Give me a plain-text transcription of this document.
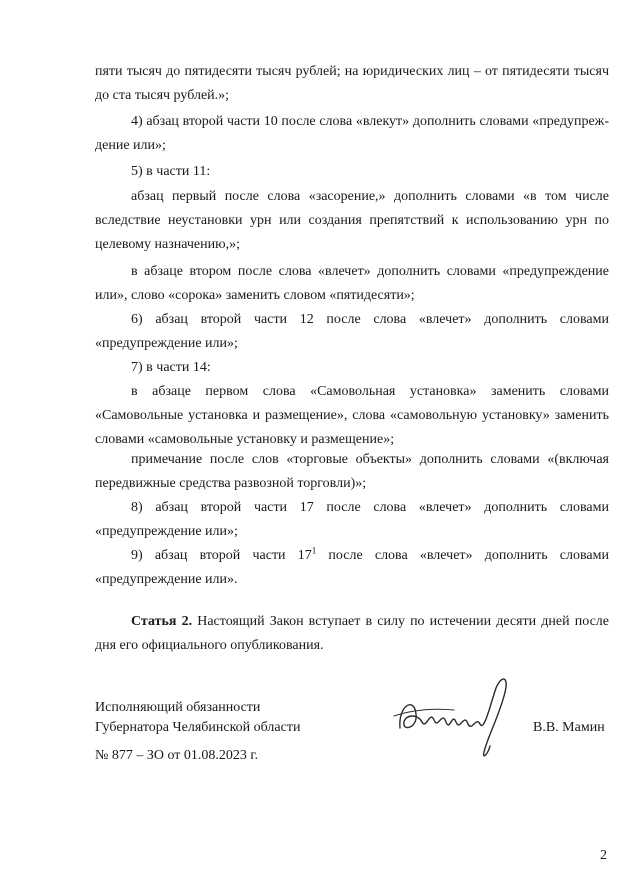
пяти тысяч до пятидесяти тысяч рублей; на юридических лиц – от пятидесяти тысяч до ста тысяч рублей.»;

4) абзац второй части 10 после слова «влекут» дополнить словами «предупреж-дение или»;

5) в части 11:

абзац первый после слова «засорение,» дополнить словами «в том числе вследствие неустановки урн или создания препятствий к использованию урн по целевому назначению,»;

в абзаце втором после слова «влечет» дополнить словами «предупреждение или», слово «сорока» заменить словом «пятидесяти»;

6) абзац второй части 12 после слова «влечет» дополнить словами «предупреждение или»;

7) в части 14:

в абзаце первом слова «Самовольная установка» заменить словами «Самовольные установка и размещение», слова «самовольную установку» заменить словами «самовольные установку и размещение»;

примечание после слов «торговые объекты» дополнить словами «(включая передвижные средства развозной торговли)»;

8) абзац второй части 17 после слова «влечет» дополнить словами «предупреждение или»;

9) абзац второй части $17^1$ после слова «влечет» дополнить словами «предупреждение или».

Статья 2. Настоящий Закон вступает в силу по истечении десяти дней после дня его официального опубликования.

Исполняющий обязанности

Губернатора Челябинской области	В.В. Мамин

№ 877 – ЗО от 01.08.2023 г.

2
